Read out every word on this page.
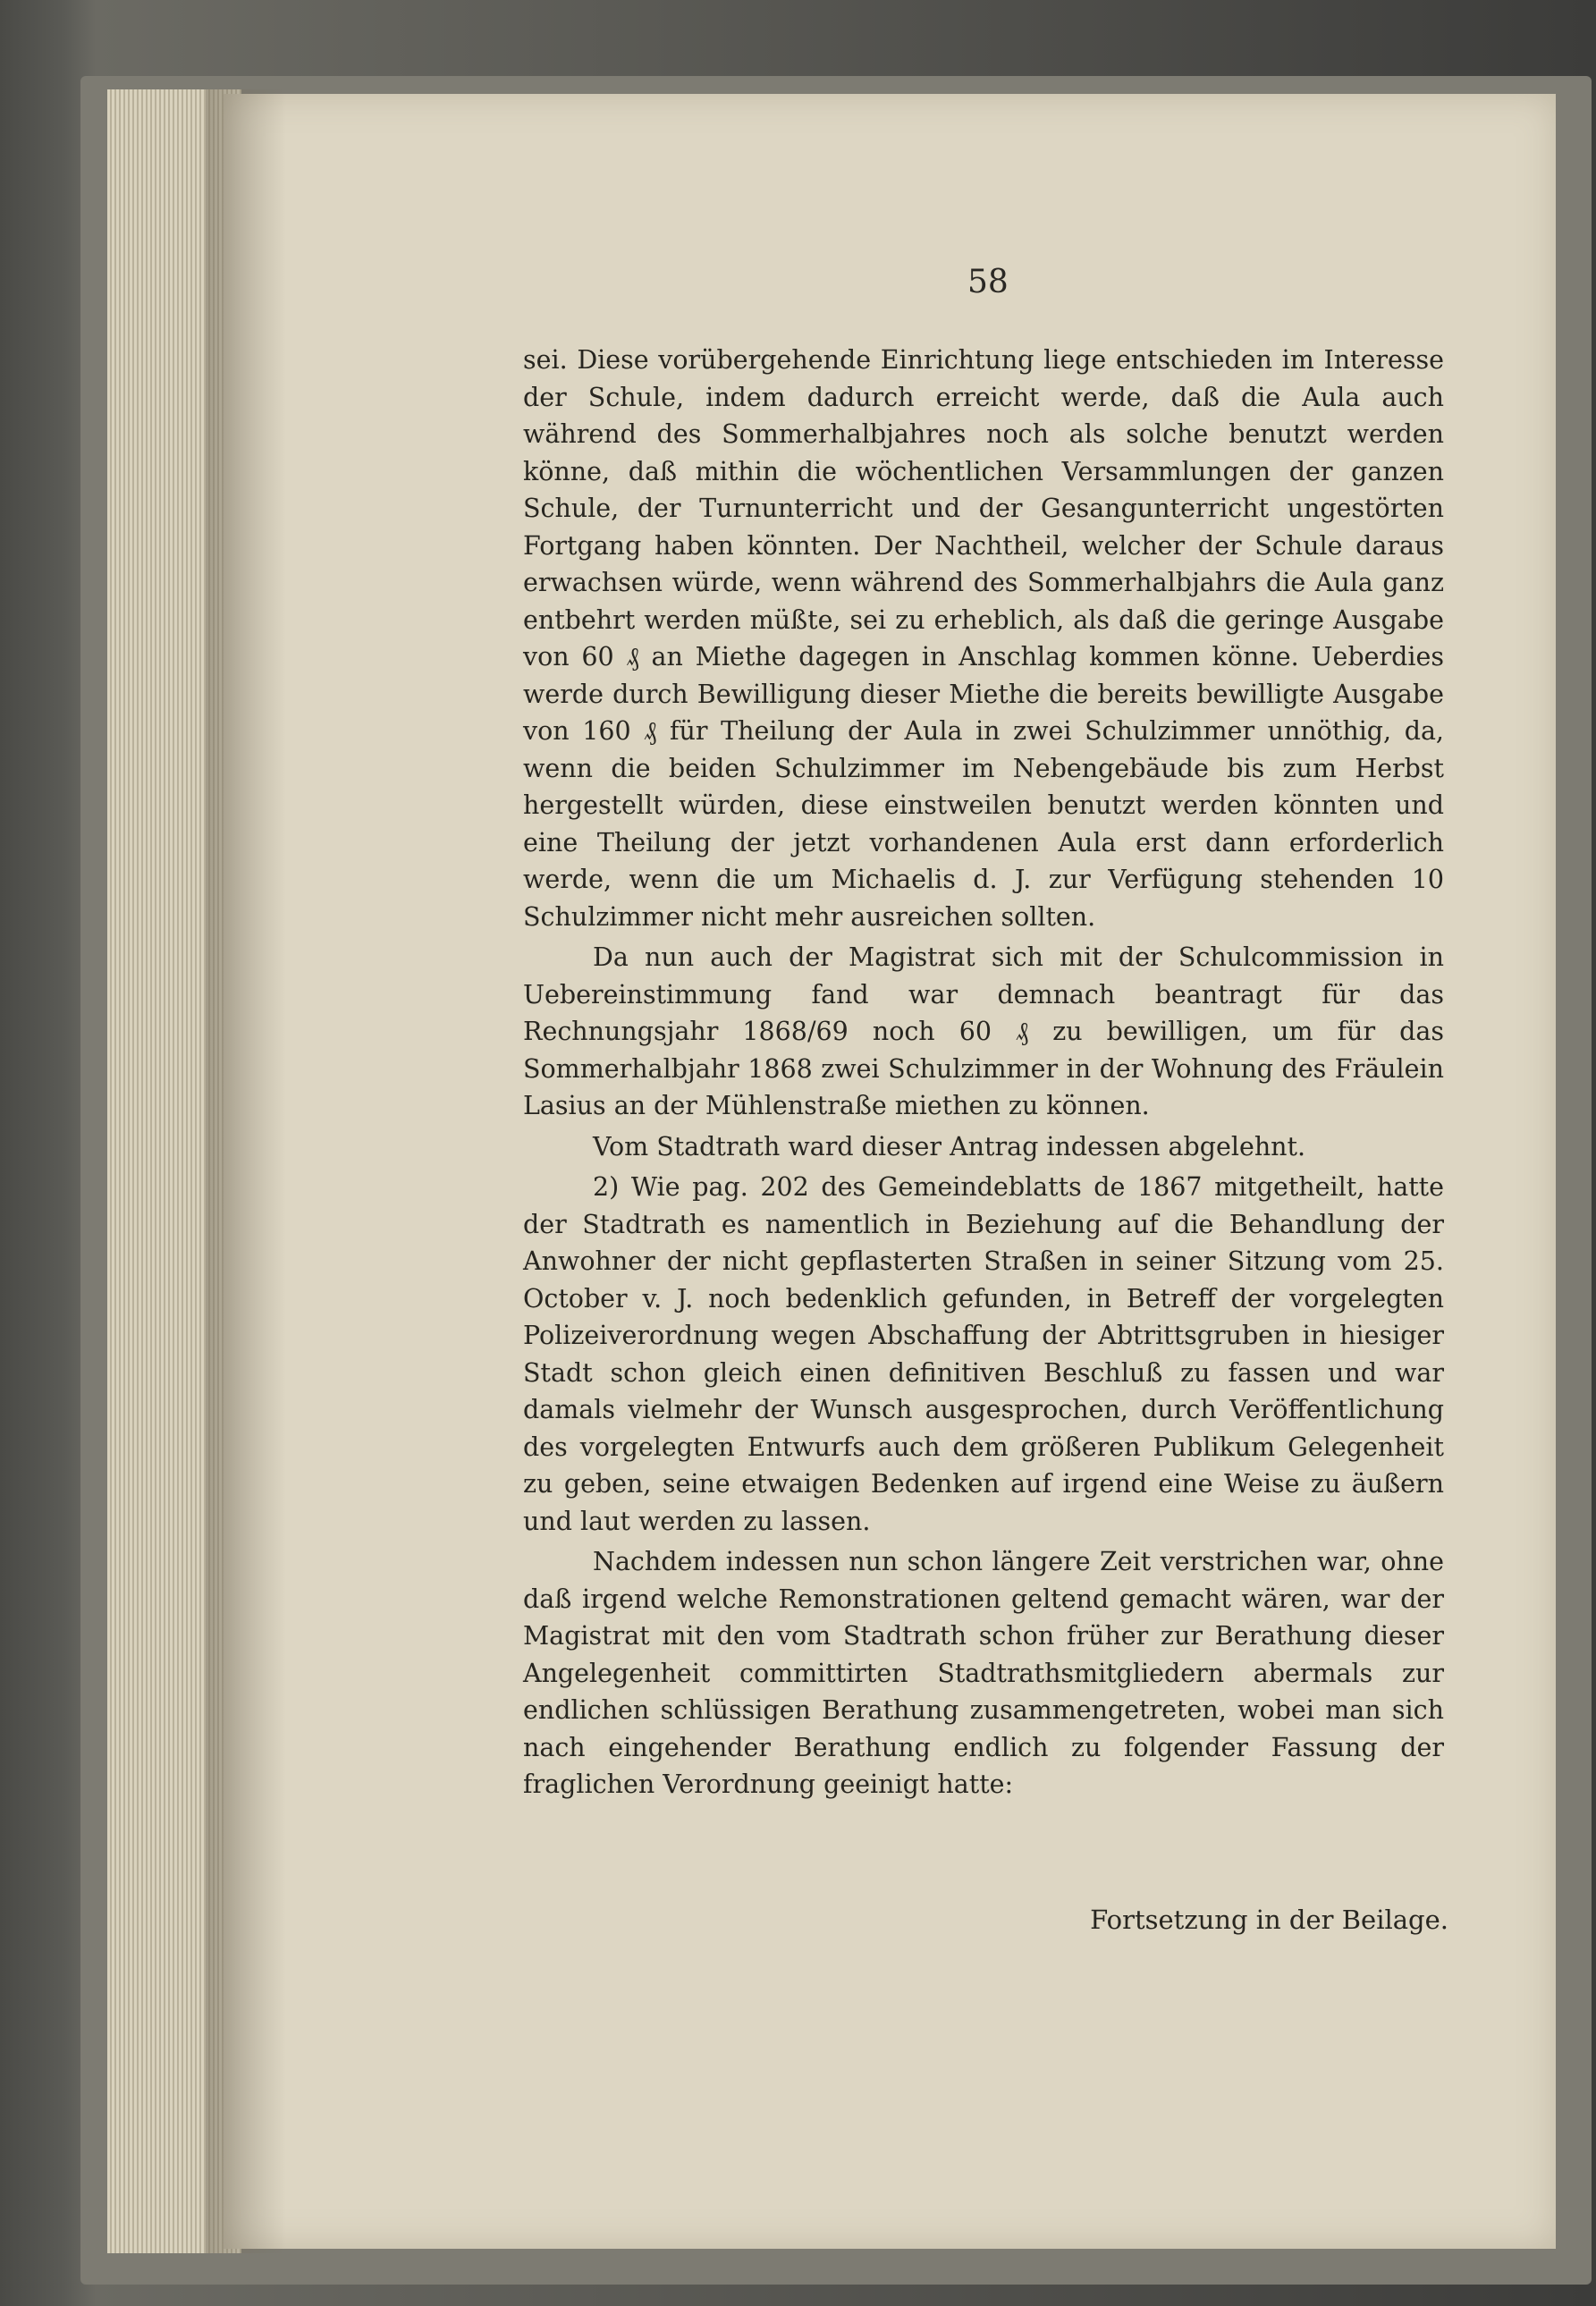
58

sei. Diese vorübergehende Einrichtung liege entschieden im Interesse der Schule, indem dadurch erreicht werde, daß die Aula auch während des Sommerhalbjahres noch als solche benutzt werden könne, daß mithin die wöchentlichen Versammlungen der ganzen Schule, der Turnunterricht und der Gesangunterricht ungestörten Fortgang haben könnten. Der Nachtheil, welcher der Schule daraus erwachsen würde, wenn während des Sommerhalbjahrs die Aula ganz entbehrt werden müßte, sei zu erheblich, als daß die geringe Ausgabe von 60 ₰ an Miethe dagegen in Anschlag kommen könne. Ueberdies werde durch Bewilligung dieser Miethe die bereits bewilligte Ausgabe von 160 ₰ für Theilung der Aula in zwei Schulzimmer unnöthig, da, wenn die beiden Schulzimmer im Nebengebäude bis zum Herbst hergestellt würden, diese einstweilen benutzt werden könnten und eine Theilung der jetzt vorhandenen Aula erst dann erforderlich werde, wenn die um Michaelis d. J. zur Verfügung stehenden 10 Schulzimmer nicht mehr ausreichen sollten.

Da nun auch der Magistrat sich mit der Schulcommission in Uebereinstimmung fand war demnach beantragt für das Rechnungsjahr 1868/69 noch 60 ₰ zu bewilligen, um für das Sommerhalbjahr 1868 zwei Schulzimmer in der Wohnung des Fräulein Lasius an der Mühlenstraße miethen zu können.

Vom Stadtrath ward dieser Antrag indessen abgelehnt.

2) Wie pag. 202 des Gemeindeblatts de 1867 mitgetheilt, hatte der Stadtrath es namentlich in Beziehung auf die Behandlung der Anwohner der nicht gepflasterten Straßen in seiner Sitzung vom 25. October v. J. noch bedenklich gefunden, in Betreff der vorgelegten Polizeiverordnung wegen Abschaffung der Abtrittsgruben in hiesiger Stadt schon gleich einen definitiven Beschluß zu fassen und war damals vielmehr der Wunsch ausgesprochen, durch Veröffentlichung des vorgelegten Entwurfs auch dem größeren Publikum Gelegenheit zu geben, seine etwaigen Bedenken auf irgend eine Weise zu äußern und laut werden zu lassen.

Nachdem indessen nun schon längere Zeit verstrichen war, ohne daß irgend welche Remonstrationen geltend gemacht wären, war der Magistrat mit den vom Stadtrath schon früher zur Berathung dieser Angelegenheit committirten Stadtrathsmitgliedern abermals zur endlichen schlüssigen Berathung zusammengetreten, wobei man sich nach eingehender Berathung endlich zu folgender Fassung der fraglichen Verordnung geeinigt hatte:

Fortsetzung in der Beilage.
